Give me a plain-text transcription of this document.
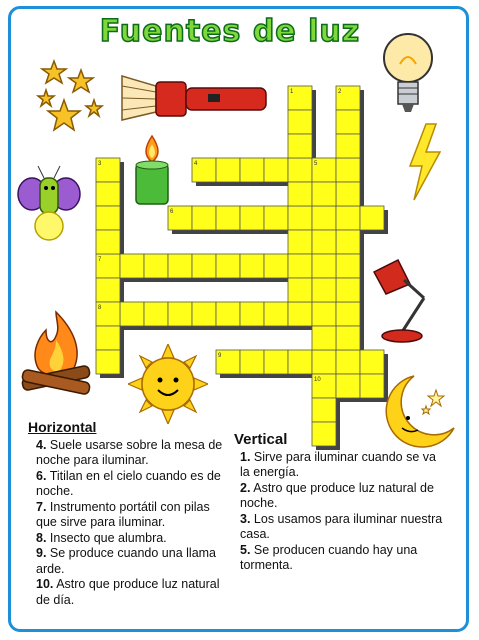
Fuentes de luz
1	2
3	4	5
6
7
8
9
10
Horizontal
4. Suele usarse sobre la mesa de noche para iluminar.
6. Titilan en el cielo cuando es de noche.
7. Instrumento portátil con pilas que sirve para iluminar.
8. Insecto que alumbra.
9. Se produce cuando una llama arde.
10. Astro que produce luz natural de día.
Vertical
1. Sirve para iluminar cuando se va la energía.
2. Astro que produce luz natural de noche.
3. Los usamos para iluminar nuestra casa.
5. Se producen cuando hay una tormenta.
